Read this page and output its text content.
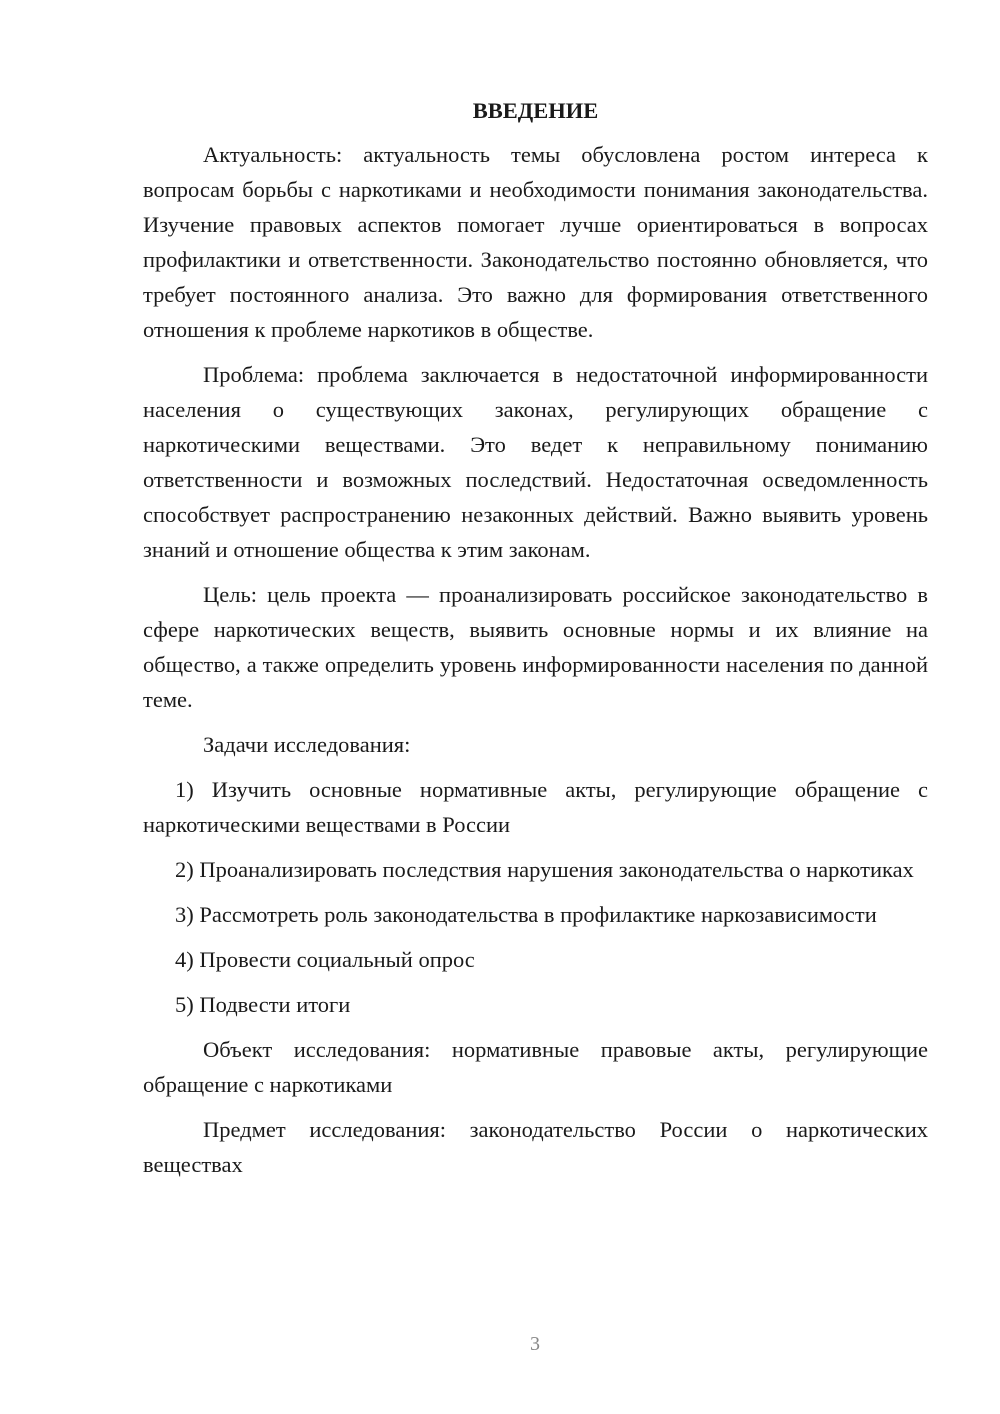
ВВЕДЕНИЕ

Актуальность: актуальность темы обусловлена ростом интереса к вопросам борьбы с наркотиками и необходимости понимания законодательства. Изучение правовых аспектов помогает лучше ориентироваться в вопросах профилактики и ответственности. Законодательство постоянно обновляется, что требует постоянного анализа. Это важно для формирования ответственного отношения к проблеме наркотиков в обществе.

Проблема: проблема заключается в недостаточной информированности населения о существующих законах, регулирующих обращение с наркотическими веществами. Это ведет к неправильному пониманию ответственности и возможных последствий. Недостаточная осведомленность способствует распространению незаконных действий. Важно выявить уровень знаний и отношение общества к этим законам.

Цель: цель проекта — проанализировать российское законодательство в сфере наркотических веществ, выявить основные нормы и их влияние на общество, а также определить уровень информированности населения по данной теме.

Задачи исследования:

1) Изучить основные нормативные акты, регулирующие обращение с наркотическими веществами в России

2) Проанализировать последствия нарушения законодательства о наркотиках

3) Рассмотреть роль законодательства в профилактике наркозависимости

4) Провести социальный опрос

5) Подвести итоги

Объект исследования: нормативные правовые акты, регулирующие обращение с наркотиками

Предмет исследования: законодательство России о наркотических веществах

3
